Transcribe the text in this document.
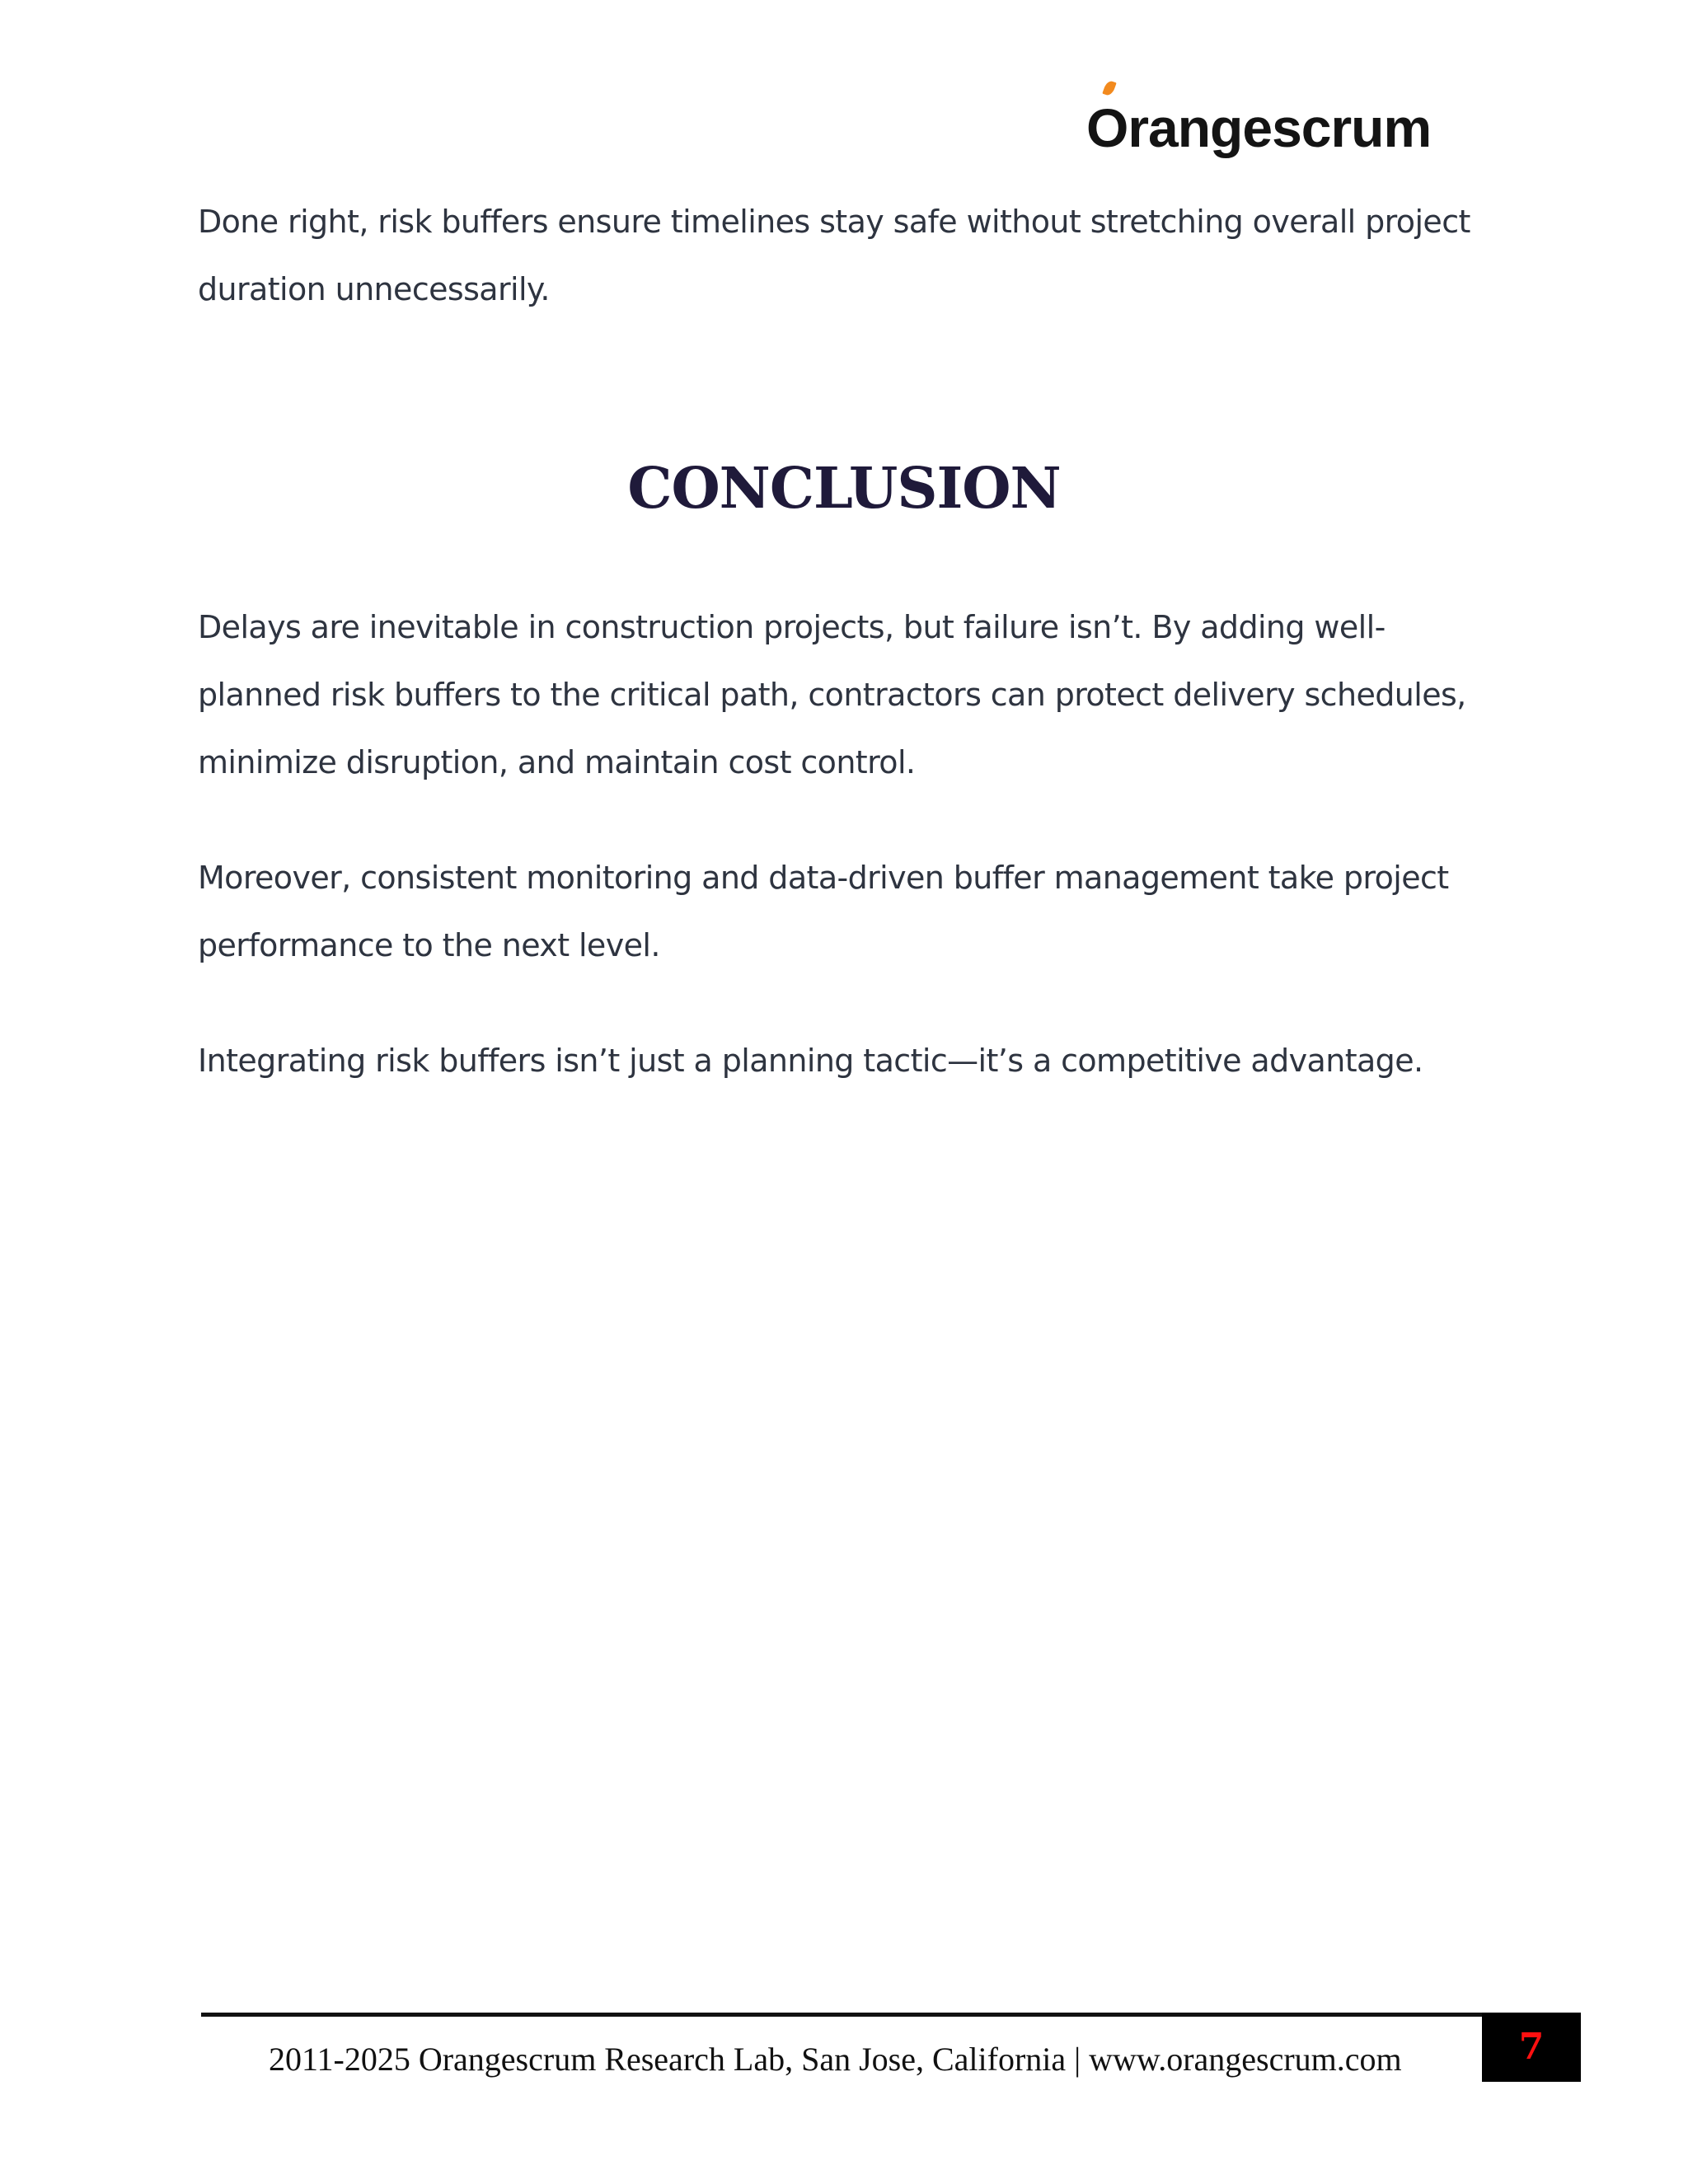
Orangescrum

Done right, risk buffers ensure timelines stay safe without stretching overall project duration unnecessarily.

CONCLUSION

Delays are inevitable in construction projects, but failure isn’t. By adding well-planned risk buffers to the critical path, contractors can protect delivery schedules, minimize disruption, and maintain cost control.

Moreover, consistent monitoring and data-driven buffer management take project performance to the next level.

Integrating risk buffers isn’t just a planning tactic—it’s a competitive advantage.

2011-2025 Orangescrum Research Lab, San Jose, California | www.orangescrum.com	7
